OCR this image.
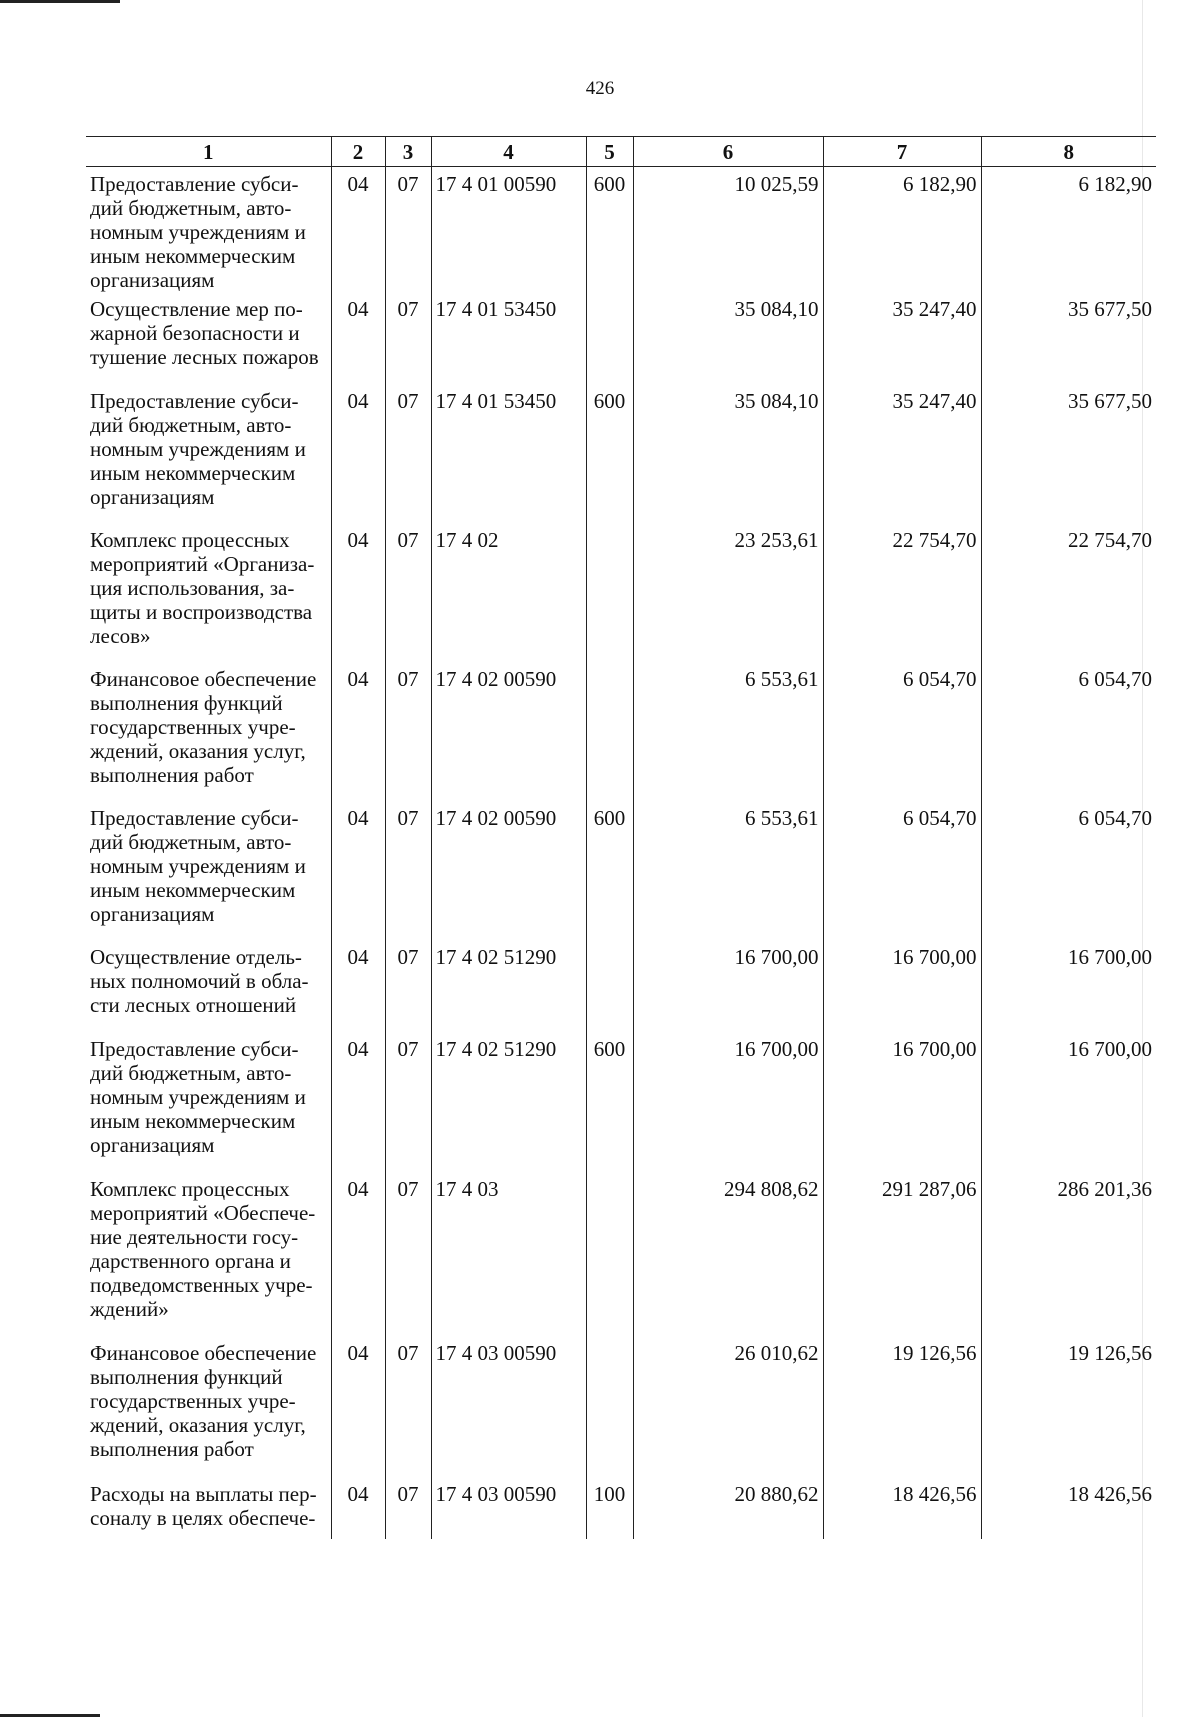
426
1	2	3	4	5	6	7	8
Предоставление субси-дий бюджетным, авто-номным учреждениям и иным некоммерческим организациям	04	07	17 4 01 00590	600	10 025,59	6 182,90	6 182,90
Осуществление мер по-жарной безопасности и тушение лесных пожаров	04	07	17 4 01 53450		35 084,10	35 247,40	35 677,50
Предоставление субси-дий бюджетным, авто-номным учреждениям и иным некоммерческим организациям	04	07	17 4 01 53450	600	35 084,10	35 247,40	35 677,50
Комплекс процессных мероприятий «Организа-ция использования, за-щиты и воспроизводства лесов»	04	07	17 4 02		23 253,61	22 754,70	22 754,70
Финансовое обеспечение выполнения функций государственных учре-ждений, оказания услуг, выполнения работ	04	07	17 4 02 00590		6 553,61	6 054,70	6 054,70
Предоставление субси-дий бюджетным, авто-номным учреждениям и иным некоммерческим организациям	04	07	17 4 02 00590	600	6 553,61	6 054,70	6 054,70
Осуществление отдель-ных полномочий в обла-сти лесных отношений	04	07	17 4 02 51290		16 700,00	16 700,00	16 700,00
Предоставление субси-дий бюджетным, авто-номным учреждениям и иным некоммерческим организациям	04	07	17 4 02 51290	600	16 700,00	16 700,00	16 700,00
Комплекс процессных мероприятий «Обеспече-ние деятельности госу-дарственного органа и подведомственных учре-ждений»	04	07	17 4 03		294 808,62	291 287,06	286 201,36
Финансовое обеспечение выполнения функций государственных учре-ждений, оказания услуг, выполнения работ	04	07	17 4 03 00590		26 010,62	19 126,56	19 126,56
Расходы на выплаты пер-соналу в целях обеспече-	04	07	17 4 03 00590	100	20 880,62	18 426,56	18 426,56
